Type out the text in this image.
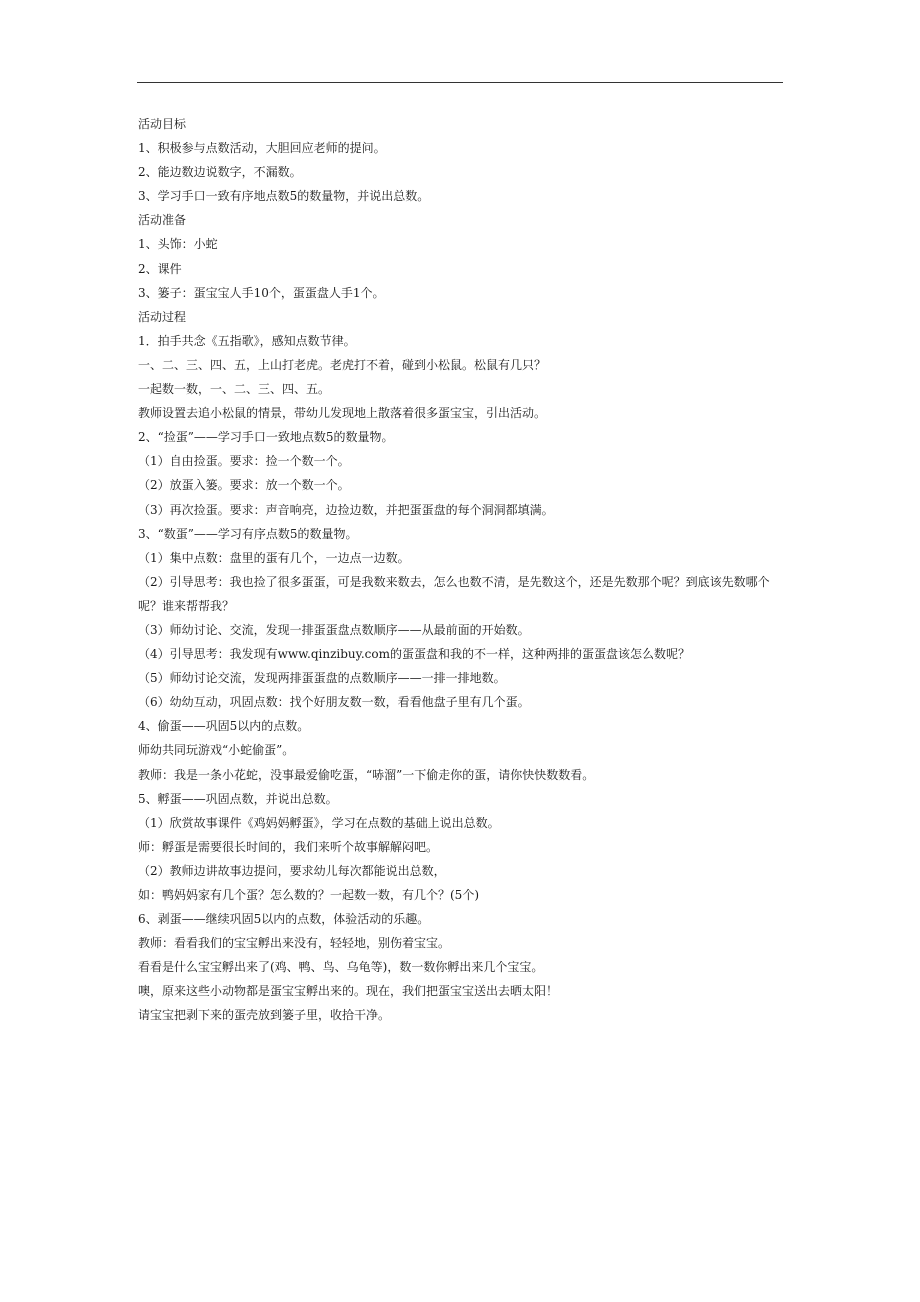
活动目标
1、积极参与点数活动，大胆回应老师的提问。
2、能边数边说数字，不漏数。
3、学习手口一致有序地点数5的数量物，并说出总数。
活动准备
1、头饰：小蛇
2、课件
3、篓子：蛋宝宝人手10个，蛋蛋盘人手1个。
活动过程
1．拍手共念《五指歌》，感知点数节律。
一、二、三、四、五，上山打老虎。老虎打不着，碰到小松鼠。松鼠有几只？
一起数一数，一、二、三、四、五。
教师设置去追小松鼠的情景，带幼儿发现地上散落着很多蛋宝宝，引出活动。
2、“捡蛋”——学习手口一致地点数5的数量物。
（1）自由捡蛋。要求：捡一个数一个。
（2）放蛋入篓。要求：放一个数一个。
（3）再次捡蛋。要求：声音响亮，边捡边数，并把蛋蛋盘的每个洞洞都填满。
3、“数蛋”——学习有序点数5的数量物。
（1）集中点数：盘里的蛋有几个，一边点一边数。
（2）引导思考：我也捡了很多蛋蛋，可是我数来数去，怎么也数不清，是先数这个，还是先数那个呢？到底该先数哪个呢？谁来帮帮我？
（3）师幼讨论、交流，发现一排蛋蛋盘点数顺序——从最前面的开始数。
（4）引导思考：我发现有www.qinzibuy.com的蛋蛋盘和我的不一样，这种两排的蛋蛋盘该怎么数呢？
（5）师幼讨论交流，发现两排蛋蛋盘的点数顺序——一排一排地数。
（6）幼幼互动，巩固点数：找个好朋友数一数，看看他盘子里有几个蛋。
4、偷蛋——巩固5以内的点数。
师幼共同玩游戏“小蛇偷蛋”。
教师：我是一条小花蛇，没事最爱偷吃蛋，“哧溜”一下偷走你的蛋，请你快快数数看。
5、孵蛋——巩固点数，并说出总数。
（1）欣赏故事课件《鸡妈妈孵蛋》，学习在点数的基础上说出总数。
师：孵蛋是需要很长时间的，我们来听个故事解解闷吧。
（2）教师边讲故事边提问，要求幼儿每次都能说出总数，
如：鸭妈妈家有几个蛋？怎么数的？一起数一数，有几个？(5个)
6、剥蛋——继续巩固5以内的点数，体验活动的乐趣。
教师：看看我们的宝宝孵出来没有，轻轻地，别伤着宝宝。
看看是什么宝宝孵出来了(鸡、鸭、鸟、乌龟等)，数一数你孵出来几个宝宝。
噢，原来这些小动物都是蛋宝宝孵出来的。现在，我们把蛋宝宝送出去晒太阳！
请宝宝把剥下来的蛋壳放到篓子里，收拾干净。
